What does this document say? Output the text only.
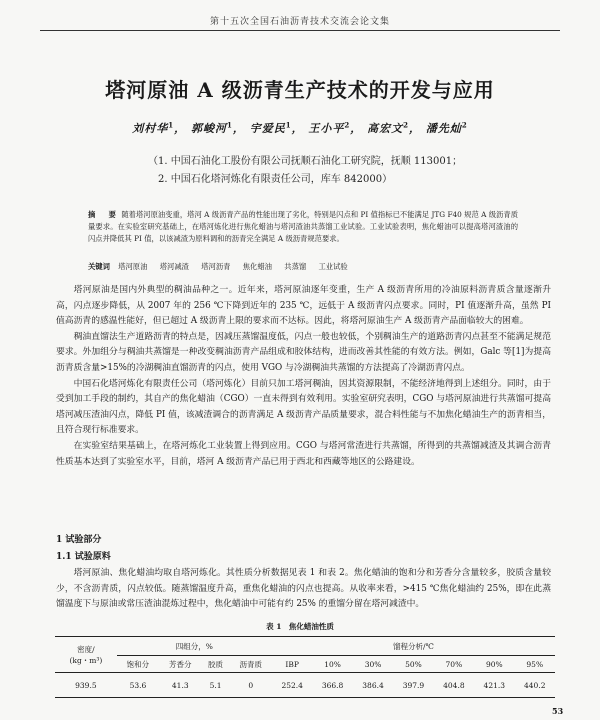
第十五次全国石油沥青技术交流会论文集
塔河原油 A 级沥青生产技术的开发与应用
刘村华$^1$， 郭峻河$^1$， 宇爱民$^1$， 王小平$^2$， 高宏文$^2$， 潘先灿$^2$
（1. 中国石油化工股份有限公司抚顺石油化工研究院，抚顺 113001；
2. 中国石化塔河炼化有限责任公司，库车 842000）
摘　要 随着塔河原油变重，塔河 A 级沥青产品的性能出现了劣化，特别是闪点和 PI 值指标已不能满足 JTG F40 规范 A 级沥青质量要求。在实验室研究基础上，在塔河炼化进行焦化蜡油与塔河渣油共蒸馏工业试验。工业试验表明，焦化蜡油可以提高塔河渣油的闪点并降低其 PI 值，以该减渣为原料调和的沥青完全满足 A 级沥青规范要求。
关键词 塔河原油 塔河减渣 塔河沥青 焦化蜡油 共蒸馏 工业试验

塔河原油是国内外典型的稠油品种之一。近年来，塔河原油逐年变重，生产 A 级沥青所用的冷油原料沥青质含量逐渐升高，闪点逐步降低，从 2007 年的 256 ℃下降到近年的 235 ℃，远低于 A 级沥青闪点要求。同时，PI 值逐渐升高，虽然 PI 值高沥青的感温性能好，但已超过 A 级沥青上限的要求而不达标。因此，将塔河原油生产 A 级沥青产品面临较大的困难。

稠油直馏法生产道路沥青的特点是，因减压蒸馏温度低，闪点一般也较低，个别稠油生产的道路沥青闪点甚至不能满足规范要求。外加组分与稠油共蒸馏是一种改变稠油沥青产品组成和胶体结构，进而改善其性能的有效方法。例如，Galc 等[1]为提高沥青质含量>15%的冷湖稠油直馏沥青的闪点，使用 VGO 与冷湖稠油共蒸馏的方法提高了冷湖沥青闪点。

中国石化塔河炼化有限责任公司（塔河炼化）目前只加工塔河稠油，因其资源限制，不能经济地得到上述组分。同时，由于受到加工手段的制约，其自产的焦化蜡油（CGO）一直未得到有效利用。实验室研究表明，CGO 与塔河原油进行共蒸馏可提高塔河减压渣油闪点，降低 PI 值，该减渣调合的沥青满足 A 级沥青产品质量要求，混合料性能与不加焦化蜡油生产的沥青相当，且符合现行标准要求。

在实验室结果基础上，在塔河炼化工业装置上得到应用。CGO 与塔河常渣进行共蒸馏，所得到的共蒸馏减渣及其调合沥青性质基本达到了实验室水平，目前，塔河 A 级沥青产品已用于西北和西藏等地区的公路建设。

1 试验部分
1.1 试验原料

塔河原油、焦化蜡油均取自塔河炼化。其性质分析数据见表 1 和表 2。焦化蜡油的饱和分和芳香分含量较多，胶质含量较少，不含沥青质，闪点较低。随蒸馏温度升高，重焦化蜡油的闪点也提高。从收率来看，>415 ℃焦化蜡油约 25%，即在此蒸馏温度下与原油或常压渣油混炼过程中，焦化蜡油中可能有约 25% 的重馏分留在塔河减渣中。

表 1　焦化蜡油性质
密度/
(kg・m³)	四组分，%				馏程分析/℃						
	饱和分	芳香分	胶质	沥青质	IBP	10%	30%	50%	70%	90%	95%
939.5	53.6	41.3	5.1	0	252.4	366.8	386.4	397.9	404.8	421.3	440.2
53
